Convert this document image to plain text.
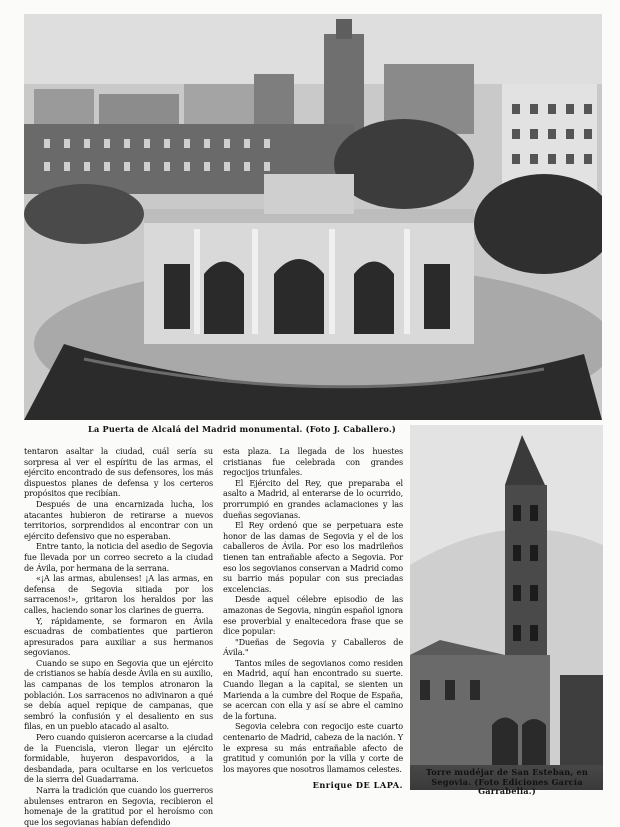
La Puerta de Alcalá del Madrid monumental. (Foto J. Caballero.)

tentaron asaltar la ciudad, cuál sería su sorpresa al ver el espíritu de las armas, el ejército encontrado de sus defensores, los más dispuestos planes de defensa y los certeros propósitos que recibían.

Después de una encarnizada lucha, los atacantes hubieron de retirarse a nuevos territorios, sorprendidos al encontrar con un ejército defensivo que no esperaban.

Entre tanto, la noticia del asedio de Segovia fue llevada por un correo secreto a la ciudad de Ávila, por hermana de la serrana.

«¡A las armas, abulenses! ¡A las armas, en defensa de Segovia sitiada por los sarracenos!», gritaron los heraldos por las calles, haciendo sonar los clarines de guerra.

Y, rápidamente, se formaron en Ávila escuadras de combatientes que partieron apresurados para auxiliar a sus hermanos segovianos.

Cuando se supo en Segovia que un ejército de cristianos se había desde Ávila en su auxilio, las campanas de los templos atronaron la población. Los sarracenos no adivinaron a qué se debía aquel repique de campanas, que sembró la confusión y el desaliento en sus filas, en un pueblo atacado al asalto.

Pero cuando quisieron acercarse a la ciudad de la Fuencisla, vieron llegar un ejército formidable, huyeron despavoridos, a la desbandada, para ocultarse en los vericuetos de la sierra del Guadarrama.

Narra la tradición que cuando los guerreros abulenses entraron en Segovia, recibieron el homenaje de la gratitud por el heroísmo con que los segovianas habían defendido

esta plaza. La llegada de los huestes cristianas fue celebrada con grandes regocijos triunfales.

El Ejército del Rey, que preparaba el asalto a Madrid, al enterarse de lo ocurrido, prorrumpió en grandes aclamaciones y las dueñas segovianas.

El Rey ordenó que se perpetuara este honor de las damas de Segovia y el de los caballeros de Ávila. Por eso los madrileños tienen tan entrañable afecto a Segovia. Por eso los segovianos conservan a Madrid como su barrio más popular con sus preciadas excelencias.

Desde aquel célebre episodio de las amazonas de Segovia, ningún español ignora ese proverbial y enaltecedora frase que se dice popular:

"Dueñas de Segovia y Caballeros de Ávila."

Tantos miles de segovianos como residen en Madrid, aquí han encontrado su suerte. Cuando llegan a la capital, se sienten un Marienda a la cumbre del Roque de España, se acercan con ella y así se abre el camino de la fortuna.

Segovia celebra con regocijo este cuarto centenario de Madrid, cabeza de la nación. Y le expresa su más entrañable afecto de gratitud y comunión por la villa y corte de los mayores que nosotros llamamos celestes.

Enrique DE LAPA.
Torre mudéjar de San Esteban, en Segovia. (Foto Ediciones García Garrabella.)
